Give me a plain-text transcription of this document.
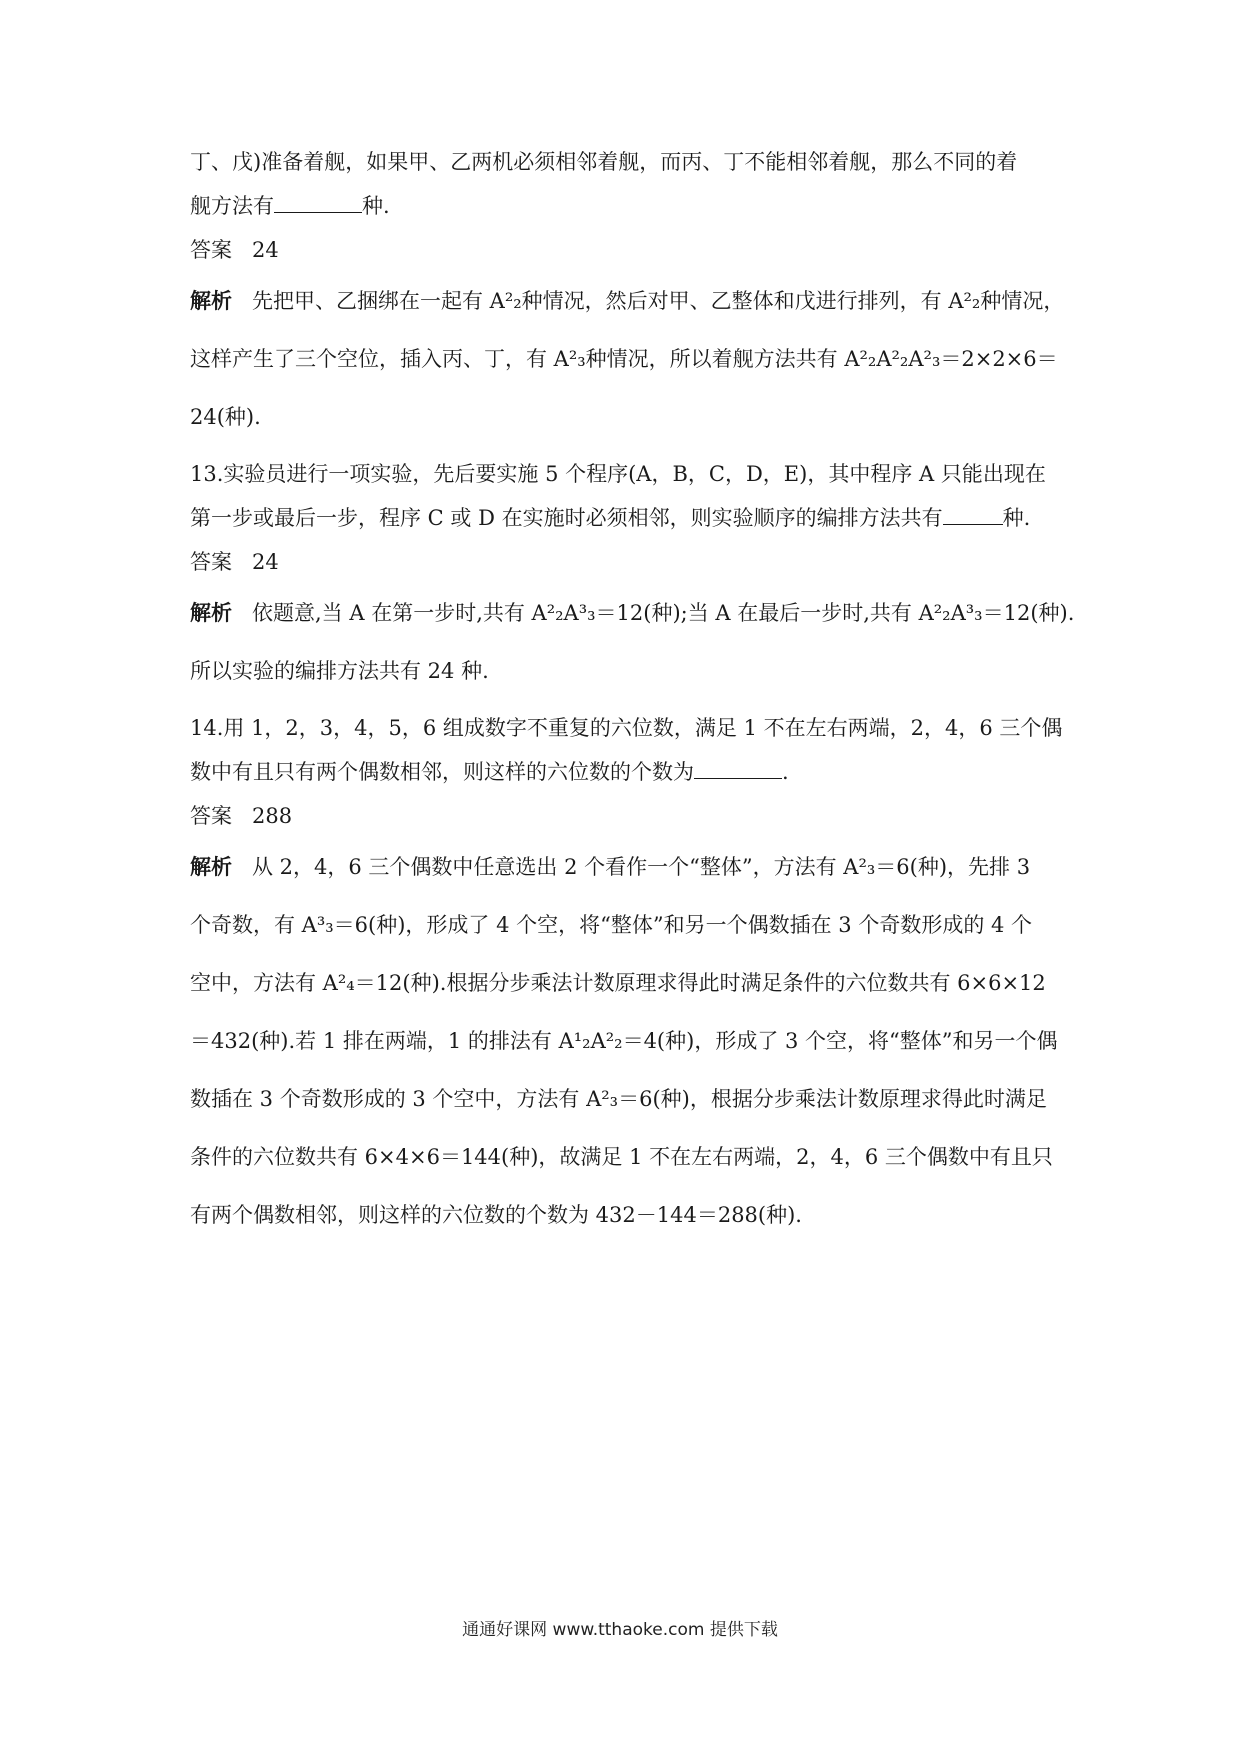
丁、戊)准备着舰，如果甲、乙两机必须相邻着舰，而丙、丁不能相邻着舰，那么不同的着
舰方法有	种.
答案 24
解析 先把甲、乙捆绑在一起有 A²₂种情况，然后对甲、乙整体和戊进行排列，有 A²₂种情况，
这样产生了三个空位，插入丙、丁，有 A²₃种情况，所以着舰方法共有 A²₂A²₂A²₃＝2×2×6＝
24(种).
13.实验员进行一项实验，先后要实施 5 个程序(A，B，C，D，E)，其中程序 A 只能出现在
第一步或最后一步，程序 C 或 D 在实施时必须相邻，则实验顺序的编排方法共有	种.
答案 24
解析 依题意,当 A 在第一步时,共有 A²₂A³₃＝12(种);当 A 在最后一步时,共有 A²₂A³₃＝12(种).
所以实验的编排方法共有 24 种.
14.用 1，2，3，4，5，6 组成数字不重复的六位数，满足 1 不在左右两端，2，4，6 三个偶
数中有且只有两个偶数相邻，则这样的六位数的个数为	.
答案 288
解析 从 2，4，6 三个偶数中任意选出 2 个看作一个“整体”，方法有 A²₃＝6(种)，先排 3
个奇数，有 A³₃＝6(种)，形成了 4 个空，将“整体”和另一个偶数插在 3 个奇数形成的 4 个
空中，方法有 A²₄＝12(种).根据分步乘法计数原理求得此时满足条件的六位数共有 6×6×12
＝432(种).若 1 排在两端，1 的排法有 A¹₂A²₂＝4(种)，形成了 3 个空，将“整体”和另一个偶
数插在 3 个奇数形成的 3 个空中，方法有 A²₃＝6(种)，根据分步乘法计数原理求得此时满足
条件的六位数共有 6×4×6＝144(种)，故满足 1 不在左右两端，2，4，6 三个偶数中有且只
有两个偶数相邻，则这样的六位数的个数为 432－144＝288(种).
通通好课网 www.tthaoke.com 提供下载
